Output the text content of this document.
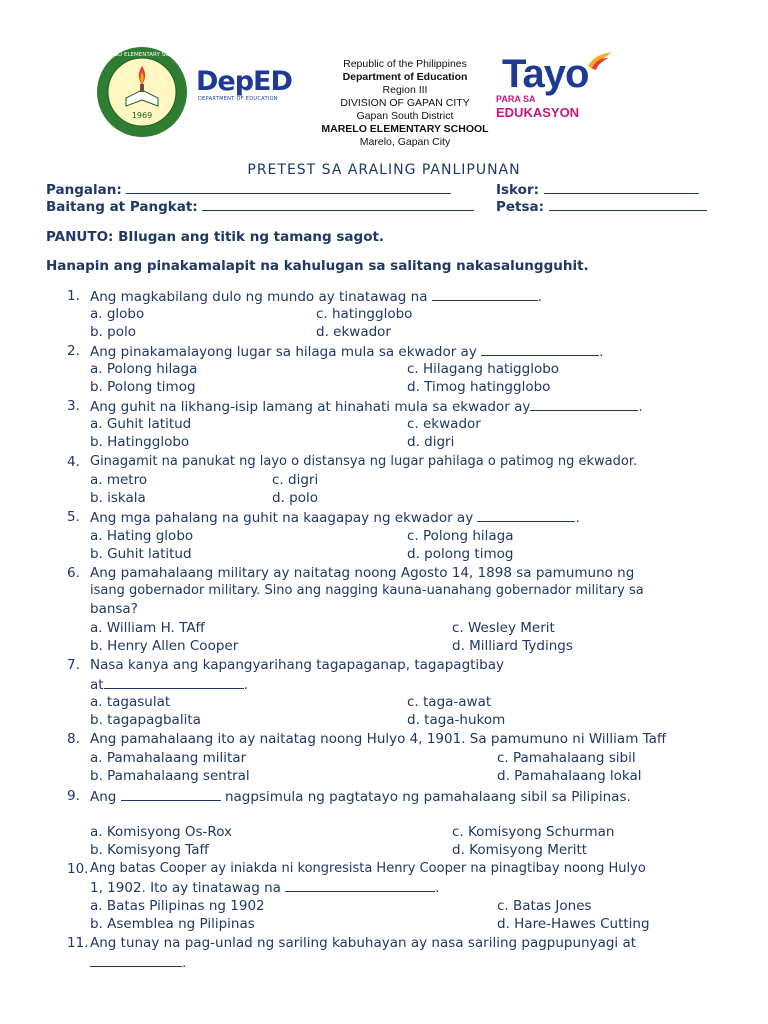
1969
MARELO ELEMENTARY SCHOOL
DepED
DEPARTMENT OF EDUCATION
Republic of the Philippines
Department of Education
Region III
DIVISION OF GAPAN CITY
Gapan South District
MARELO ELEMENTARY SCHOOL
Marelo, Gapan City
Tayo
PARA SA
EDUKASYON
PRETEST SA ARALING PANLIPUNAN
Pangalan:	Iskor:
Baitang at Pangkat:	Petsa:
PANUTO: BIlugan ang titik ng tamang sagot.
Hanapin ang pinakamalapit na kahulugan sa salitang nakasalungguhit.
1. Ang magkabilang dulo ng mundo ay tinatawag na	.
a. globo	c. hatingglobo
b. polo	d. ekwador
2. Ang pinakamalayong lugar sa hilaga mula sa ekwador ay	.
a. Polong hilaga	c. Hilagang hatigglobo
b. Polong timog	d. Timog hatingglobo
3. Ang guhit na likhang-isip lamang at hinahati mula sa ekwador ay	.
a. Guhit latitud	c. ekwador
b. Hatingglobo	d. digri
4. Ginagamit na panukat ng layo o distansya ng lugar pahilaga o patimog ng ekwador.
a. metro	c. digri
b. iskala	d. polo
5. Ang mga pahalang na guhit na kaagapay ng ekwador ay	.
a. Hating globo	c. Polong hilaga
b. Guhit latitud	d. polong timog
6. Ang pamahalaang military ay naitatag noong Agosto 14, 1898 sa pamumuno ng
isang gobernador military. Sino ang nagging kauna-uanahang gobernador military sa
bansa?
a. William H. TAff	c. Wesley Merit
b. Henry Allen Cooper	d. Milliard Tydings
7. Nasa kanya ang kapangyarihang tagapaganap, tagapagtibay
at	.
a. tagasulat	c. taga-awat
b. tagapagbalita	d. taga-hukom
8. Ang pamahalaang ito ay naitatag noong Hulyo 4, 1901. Sa pamumuno ni William Taff
a. Pamahalaang militar	c. Pamahalaang sibil
b. Pamahalaang sentral	d. Pamahalaang lokal
9. Ang	nagpsimula ng pagtatayo ng pamahalaang sibil sa Pilipinas.
a. Komisyong Os-Rox	c. Komisyong Schurman
b. Komisyong Taff	d. Komisyong Meritt
10. Ang batas Cooper ay iniakda ni kongresista Henry Cooper na pinagtibay noong Hulyo
1, 1902. Ito ay tinatawag na	.
a. Batas Pilipinas ng 1902	c. Batas Jones
b. Asemblea ng Pilipinas	d. Hare-Hawes Cutting
11. Ang tunay na pag-unlad ng sariling kabuhayan ay nasa sariling pagpupunyagi at
.
